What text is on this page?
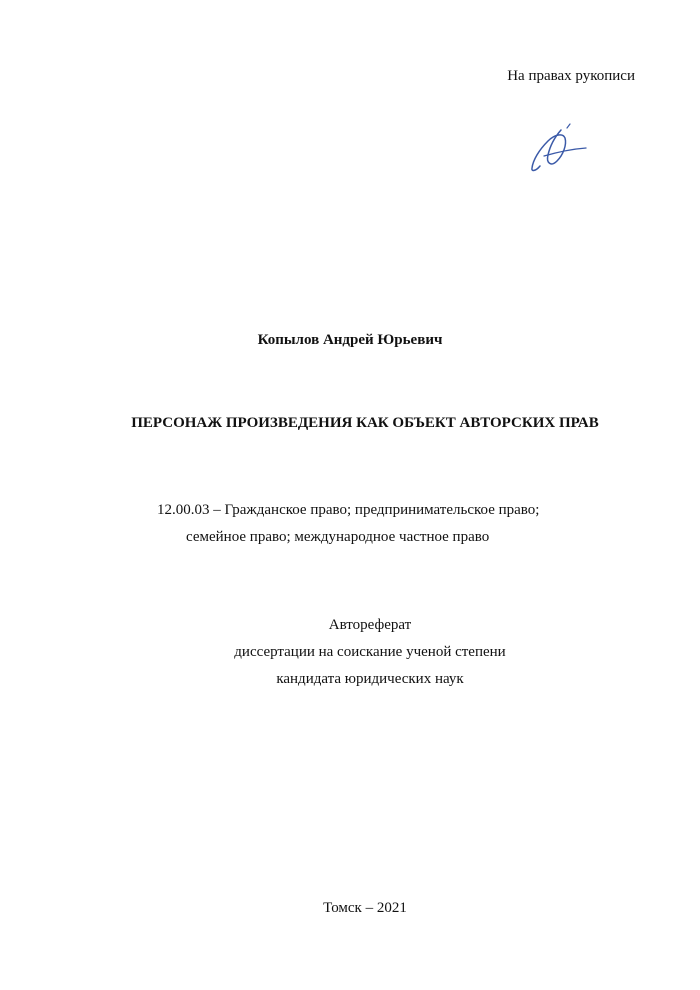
На правах рукописи
Копылов Андрей Юрьевич
ПЕРСОНАЖ ПРОИЗВЕДЕНИЯ КАК ОБЪЕКТ АВТОРСКИХ ПРАВ
12.00.03 – Гражданское право; предпринимательское право;
семейное право; международное частное право
Автореферат
диссертации на соискание ученой степени
кандидата юридических наук
Томск – 2021
